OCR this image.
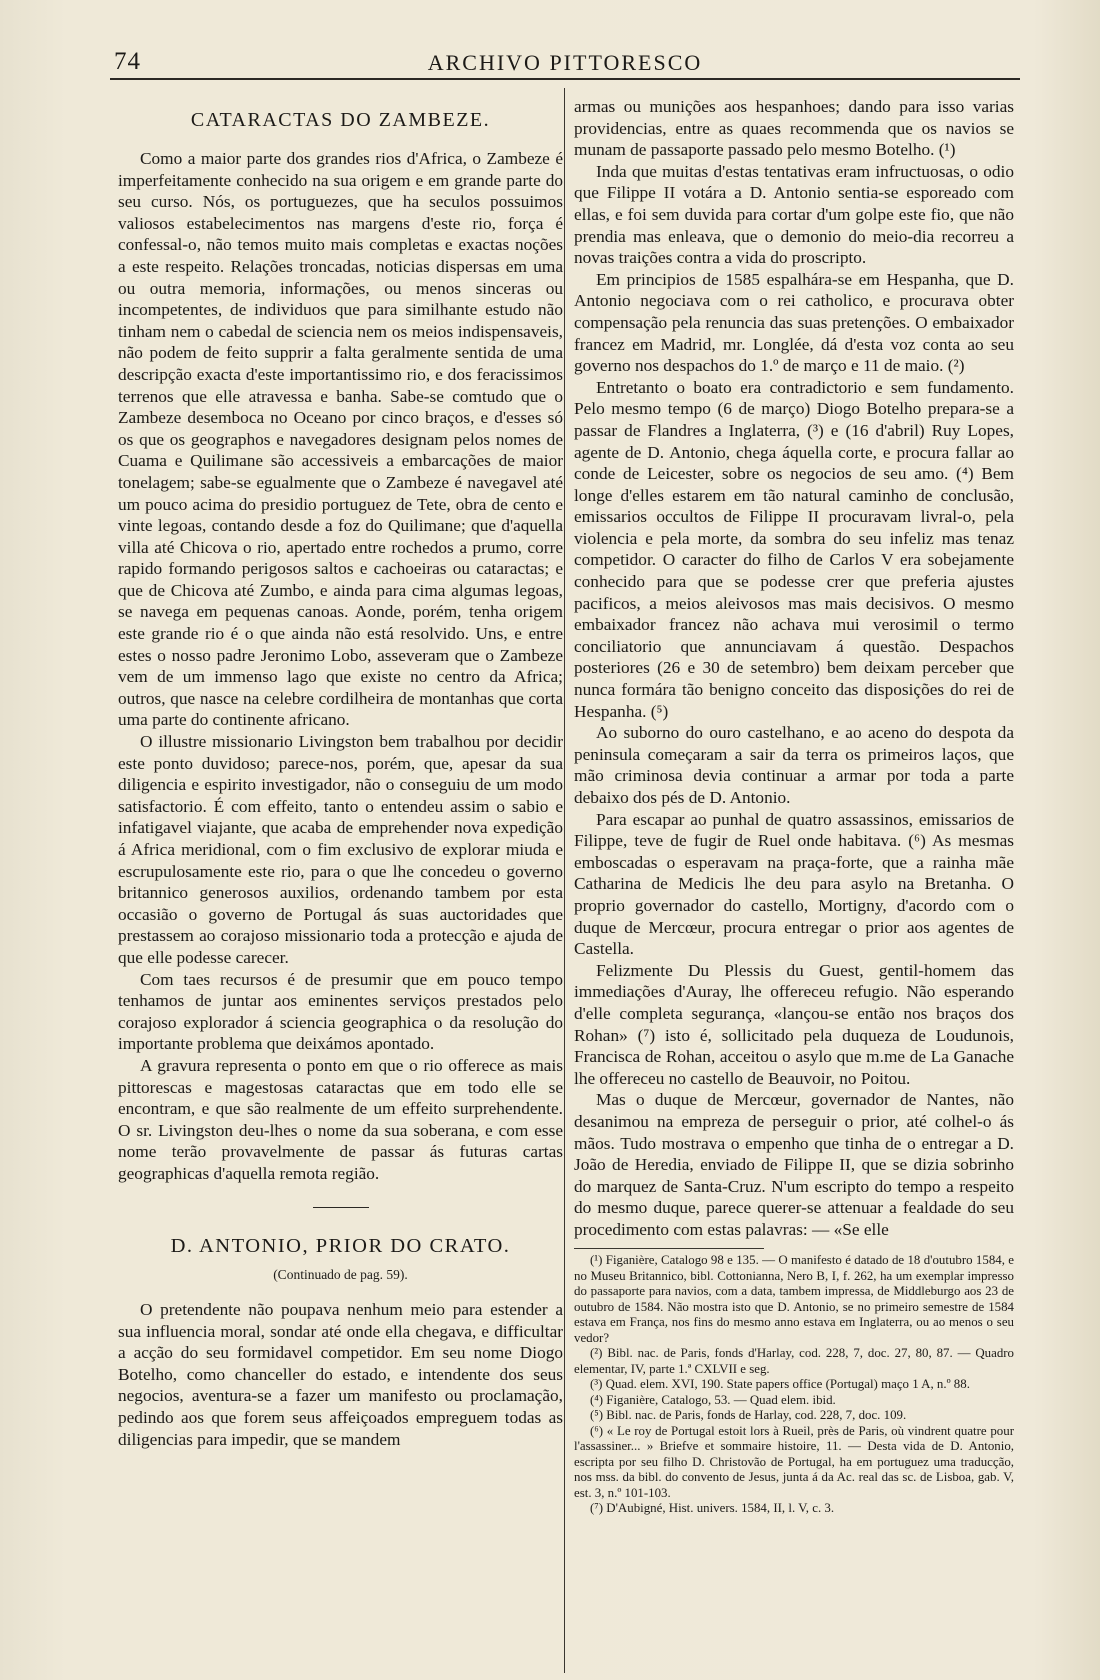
74	ARCHIVO PITTORESCO
CATARACTAS DO ZAMBEZE.

Como a maior parte dos grandes rios d'Africa, o Zambeze é imperfeitamente conhecido na sua origem e em grande parte do seu curso. Nós, os portuguezes, que ha seculos possuimos valiosos estabelecimentos nas margens d'este rio, força é confessal-o, não temos muito mais completas e exactas noções a este respeito. Relações troncadas, noticias dispersas em uma ou outra memoria, informações, ou menos sinceras ou incompetentes, de individuos que para similhante estudo não tinham nem o cabedal de sciencia nem os meios indispensaveis, não podem de feito supprir a falta geralmente sentida de uma descripção exacta d'este importantissimo rio, e dos feracissimos terrenos que elle atravessa e banha. Sabe-se comtudo que o Zambeze desemboca no Oceano por cinco braços, e d'esses só os que os geographos e navegadores designam pelos nomes de Cuama e Quilimane são accessiveis a embarcações de maior tonelagem; sabe-se egualmente que o Zambeze é navegavel até um pouco acima do presidio portuguez de Tete, obra de cento e vinte legoas, contando desde a foz do Quilimane; que d'aquella villa até Chicova o rio, apertado entre rochedos a prumo, corre rapido formando perigosos saltos e cachoeiras ou cataractas; e que de Chicova até Zumbo, e ainda para cima algumas legoas, se navega em pequenas canoas. Aonde, porém, tenha origem este grande rio é o que ainda não está resolvido. Uns, e entre estes o nosso padre Jeronimo Lobo, asseveram que o Zambeze vem de um immenso lago que existe no centro da Africa; outros, que nasce na celebre cordilheira de montanhas que corta uma parte do continente africano.

O illustre missionario Livingston bem trabalhou por decidir este ponto duvidoso; parece-nos, porém, que, apesar da sua diligencia e espirito investigador, não o conseguiu de um modo satisfactorio. É com effeito, tanto o entendeu assim o sabio e infatigavel viajante, que acaba de emprehender nova expedição á Africa meridional, com o fim exclusivo de explorar miuda e escrupulosamente este rio, para o que lhe concedeu o governo britannico generosos auxilios, ordenando tambem por esta occasião o governo de Portugal ás suas auctoridades que prestassem ao corajoso missionario toda a protecção e ajuda de que elle podesse carecer.

Com taes recursos é de presumir que em pouco tempo tenhamos de juntar aos eminentes serviços prestados pelo corajoso explorador á sciencia geographica o da resolução do importante problema que deixámos apontado.

A gravura representa o ponto em que o rio offerece as mais pittorescas e magestosas cataractas que em todo elle se encontram, e que são realmente de um effeito surprehendente. O sr. Livingston deu-lhes o nome da sua soberana, e com esse nome terão provavelmente de passar ás futuras cartas geographicas d'aquella remota região.

D. ANTONIO, PRIOR DO CRATO.
(Continuado de pag. 59).

O pretendente não poupava nenhum meio para estender a sua influencia moral, sondar até onde ella chegava, e difficultar a acção do seu formidavel competidor. Em seu nome Diogo Botelho, como chanceller do estado, e intendente dos seus negocios, aventura-se a fazer um manifesto ou proclamação, pedindo aos que forem seus affeiçoados empreguem todas as diligencias para impedir, que se mandem

armas ou munições aos hespanhoes; dando para isso varias providencias, entre as quaes recommenda que os navios se munam de passaporte passado pelo mesmo Botelho. (¹)

Inda que muitas d'estas tentativas eram infructuosas, o odio que Filippe II votára a D. Antonio sentia-se esporeado com ellas, e foi sem duvida para cortar d'um golpe este fio, que não prendia mas enleava, que o demonio do meio-dia recorreu a novas traições contra a vida do proscripto.

Em principios de 1585 espalhára-se em Hespanha, que D. Antonio negociava com o rei catholico, e procurava obter compensação pela renuncia das suas pretenções. O embaixador francez em Madrid, mr. Longlée, dá d'esta voz conta ao seu governo nos despachos do 1.º de março e 11 de maio. (²)

Entretanto o boato era contradictorio e sem fundamento. Pelo mesmo tempo (6 de março) Diogo Botelho prepara-se a passar de Flandres a Inglaterra, (³) e (16 d'abril) Ruy Lopes, agente de D. Antonio, chega áquella corte, e procura fallar ao conde de Leicester, sobre os negocios de seu amo. (⁴) Bem longe d'elles estarem em tão natural caminho de conclusão, emissarios occultos de Filippe II procuravam livral-o, pela violencia e pela morte, da sombra do seu infeliz mas tenaz competidor. O caracter do filho de Carlos V era sobejamente conhecido para que se podesse crer que preferia ajustes pacificos, a meios aleivosos mas mais decisivos. O mesmo embaixador francez não achava mui verosimil o termo conciliatorio que annunciavam á questão. Despachos posteriores (26 e 30 de setembro) bem deixam perceber que nunca formára tão benigno conceito das disposições do rei de Hespanha. (⁵)

Ao suborno do ouro castelhano, e ao aceno do despota da peninsula começaram a sair da terra os primeiros laços, que mão criminosa devia continuar a armar por toda a parte debaixo dos pés de D. Antonio.

Para escapar ao punhal de quatro assassinos, emissarios de Filippe, teve de fugir de Ruel onde habitava. (⁶) As mesmas emboscadas o esperavam na praça-forte, que a rainha mãe Catharina de Medicis lhe deu para asylo na Bretanha. O proprio governador do castello, Mortigny, d'acordo com o duque de Mercœur, procura entregar o prior aos agentes de Castella.

Felizmente Du Plessis du Guest, gentil-homem das immediações d'Auray, lhe offereceu refugio. Não esperando d'elle completa segurança, «lançou-se então nos braços dos Rohan» (⁷) isto é, sollicitado pela duqueza de Loudunois, Francisca de Rohan, acceitou o asylo que m.me de La Ganache lhe offereceu no castello de Beauvoir, no Poitou.

Mas o duque de Mercœur, governador de Nantes, não desanimou na empreza de perseguir o prior, até colhel-o ás mãos. Tudo mostrava o empenho que tinha de o entregar a D. João de Heredia, enviado de Filippe II, que se dizia sobrinho do marquez de Santa-Cruz. N'um escripto do tempo a respeito do mesmo duque, parece querer-se attenuar a fealdade do seu procedimento com estas palavras: — «Se elle

(¹) Figanière, Catalogo 98 e 135. — O manifesto é datado de 18 d'outubro 1584, e no Museu Britannico, bibl. Cottonianna, Nero B, I, f. 262, ha um exemplar impresso do passaporte para navios, com a data, tambem impressa, de Middleburgo aos 23 de outubro de 1584. Não mostra isto que D. Antonio, se no primeiro semestre de 1584 estava em França, nos fins do mesmo anno estava em Inglaterra, ou ao menos o seu vedor?

(²) Bibl. nac. de Paris, fonds d'Harlay, cod. 228, 7, doc. 27, 80, 87. — Quadro elementar, IV, parte 1.ª CXLVII e seg.

(³) Quad. elem. XVI, 190. State papers office (Portugal) maço 1 A, n.º 88.

(⁴) Figanière, Catalogo, 53. — Quad elem. ibid.

(⁵) Bibl. nac. de Paris, fonds de Harlay, cod. 228, 7, doc. 109.

(⁶) « Le roy de Portugal estoit lors à Rueil, près de Paris, où vindrent quatre pour l'assassiner... » Briefve et sommaire histoire, 11. — Desta vida de D. Antonio, escripta por seu filho D. Christovão de Portugal, ha em portuguez uma traducção, nos mss. da bibl. do convento de Jesus, junta á da Ac. real das sc. de Lisboa, gab. V, est. 3, n.º 101-103.

(⁷) D'Aubigné, Hist. univers. 1584, II, l. V, c. 3.
